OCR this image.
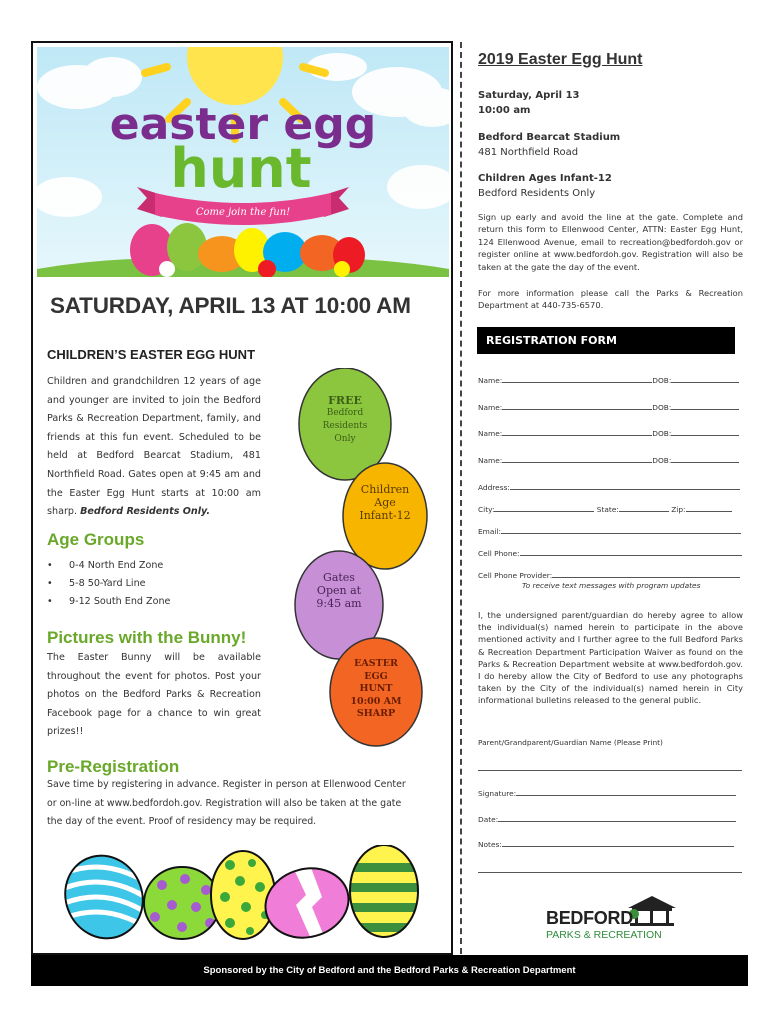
easter egg
hunt
Come join the fun!
SATURDAY, APRIL 13 AT 10:00 AM
CHILDREN’S EASTER EGG HUNT
Children and grandchildren 12 years of age and younger are invited to join the Bedford Parks & Recreation Department, family, and friends at this fun event. Scheduled to be held at Bedford Bearcat Stadium, 481 Northfield Road. Gates open at 9:45 am and the Easter Egg Hunt starts at 10:00 am sharp. Bedford Residents Only.
FREE
Bedford
Residents
Only
Children
Age
Infant-12
Gates
Open at
9:45 am
EASTER
EGG
HUNT
10:00 AM
SHARP
Age Groups
• 0-4 North End Zone
• 5-8 50-Yard Line
• 9-12 South End Zone
Pictures with the Bunny!
The Easter Bunny will be available throughout the event for photos. Post your photos on the Bedford Parks & Recreation Facebook page for a chance to win great prizes!!
Pre-Registration
Save time by registering in advance. Register in person at Ellenwood Center or on-line at www.bedfordoh.gov. Registration will also be taken at the gate the day of the event. Proof of residency may be required.
2019 Easter Egg Hunt
Saturday, April 13
10:00 am
Bedford Bearcat Stadium
481 Northfield Road
Children Ages Infant-12
Bedford Residents Only
Sign up early and avoid the line at the gate. Complete and return this form to Ellenwood Center, ATTN: Easter Egg Hunt, 124 Ellenwood Avenue, email to recreation@bedfordoh.gov or register online at www.bedfordoh.gov. Registration will also be taken at the gate the day of the event.
For more information please call the Parks & Recreation Department at 440-735-6570.
REGISTRATION FORM
Name:	DOB:
Name:	DOB:
Name:	DOB:
Name:	DOB:
Address:
City:	State:	Zip:
Email:
Cell Phone:
Cell Phone Provider:
To receive text messages with program updates
I, the undersigned parent/guardian do hereby agree to allow the individual(s) named herein to participate in the above mentioned activity and I further agree to the full Bedford Parks & Recreation Department Participation Waiver as found on the Parks & Recreation Department website at www.bedfordoh.gov. I do hereby allow the City of Bedford to use any photographs taken by the City of the individual(s) named herein in City informational bulletins released to the general public.
Parent/Grandparent/Guardian Name (Please Print)
Signature:
Date:
Notes:
BEDFORD
PARKS & RECREATION
Sponsored by the City of Bedford and the Bedford Parks & Recreation Department
